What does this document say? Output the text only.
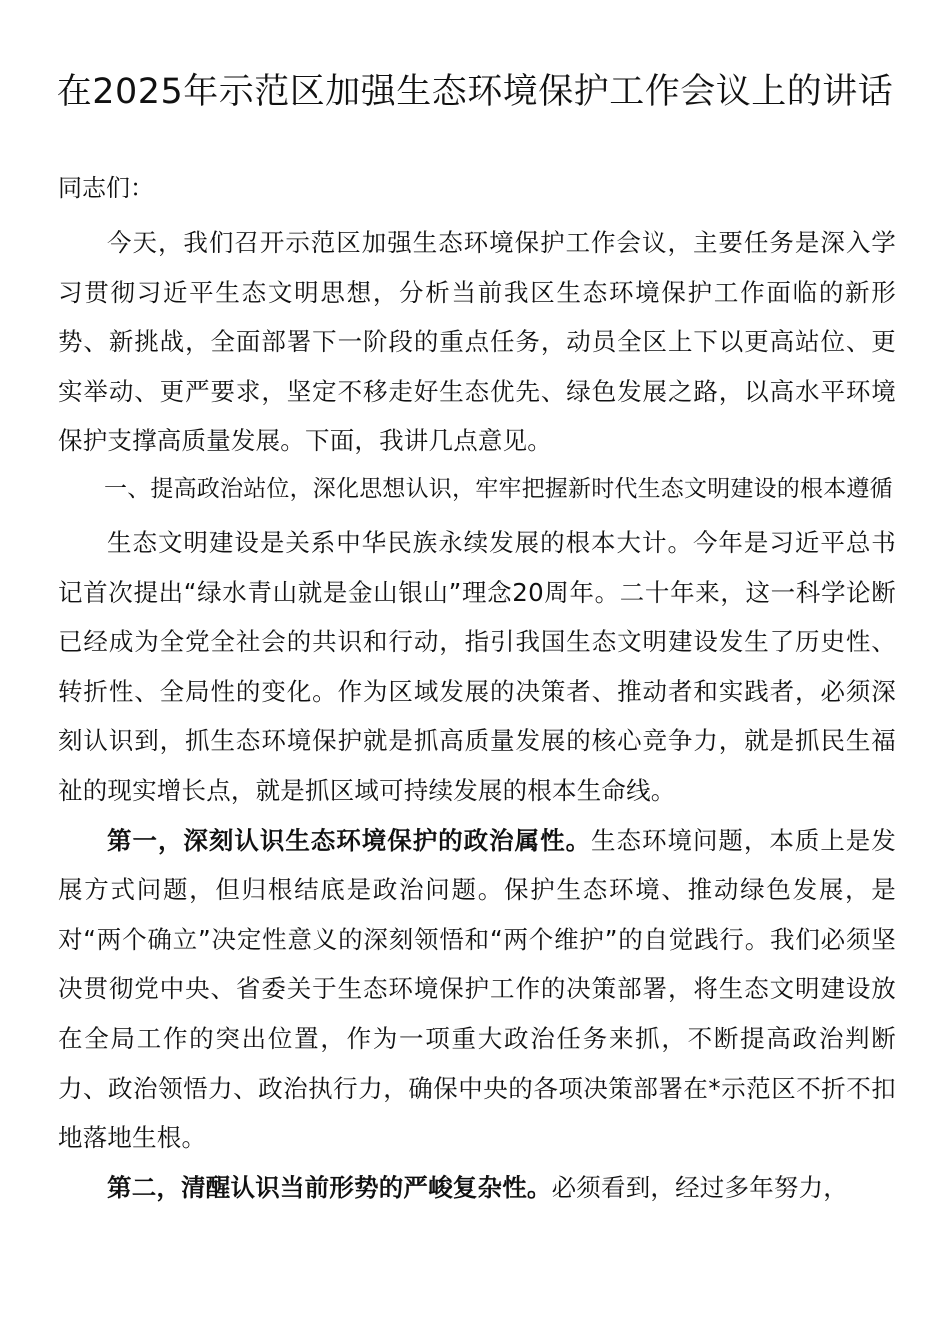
在2025年示范区加强生态环境保护工作会议上的讲话

同志们：

今天，我们召开示范区加强生态环境保护工作会议，主要任务是深入学习贯彻习近平生态文明思想，分析当前我区生态环境保护工作面临的新形势、新挑战，全面部署下一阶段的重点任务，动员全区上下以更高站位、更实举动、更严要求，坚定不移走好生态优先、绿色发展之路，以高水平环境保护支撑高质量发展。下面，我讲几点意见。

一、提高政治站位，深化思想认识，牢牢把握新时代生态文明建设的根本遵循

生态文明建设是关系中华民族永续发展的根本大计。今年是习近平总书记首次提出“绿水青山就是金山银山”理念20周年。二十年来，这一科学论断已经成为全党全社会的共识和行动，指引我国生态文明建设发生了历史性、转折性、全局性的变化。作为区域发展的决策者、推动者和实践者，必须深刻认识到，抓生态环境保护就是抓高质量发展的核心竞争力，就是抓民生福祉的现实增长点，就是抓区域可持续发展的根本生命线。

第一，深刻认识生态环境保护的政治属性。生态环境问题，本质上是发展方式问题，但归根结底是政治问题。保护生态环境、推动绿色发展，是对“两个确立”决定性意义的深刻领悟和“两个维护”的自觉践行。我们必须坚决贯彻党中央、省委关于生态环境保护工作的决策部署，将生态文明建设放在全局工作的突出位置，作为一项重大政治任务来抓，不断提高政治判断力、政治领悟力、政治执行力，确保中央的各项决策部署在*示范区不折不扣地落地生根。

第二，清醒认识当前形势的严峻复杂性。必须看到，经过多年努力，
